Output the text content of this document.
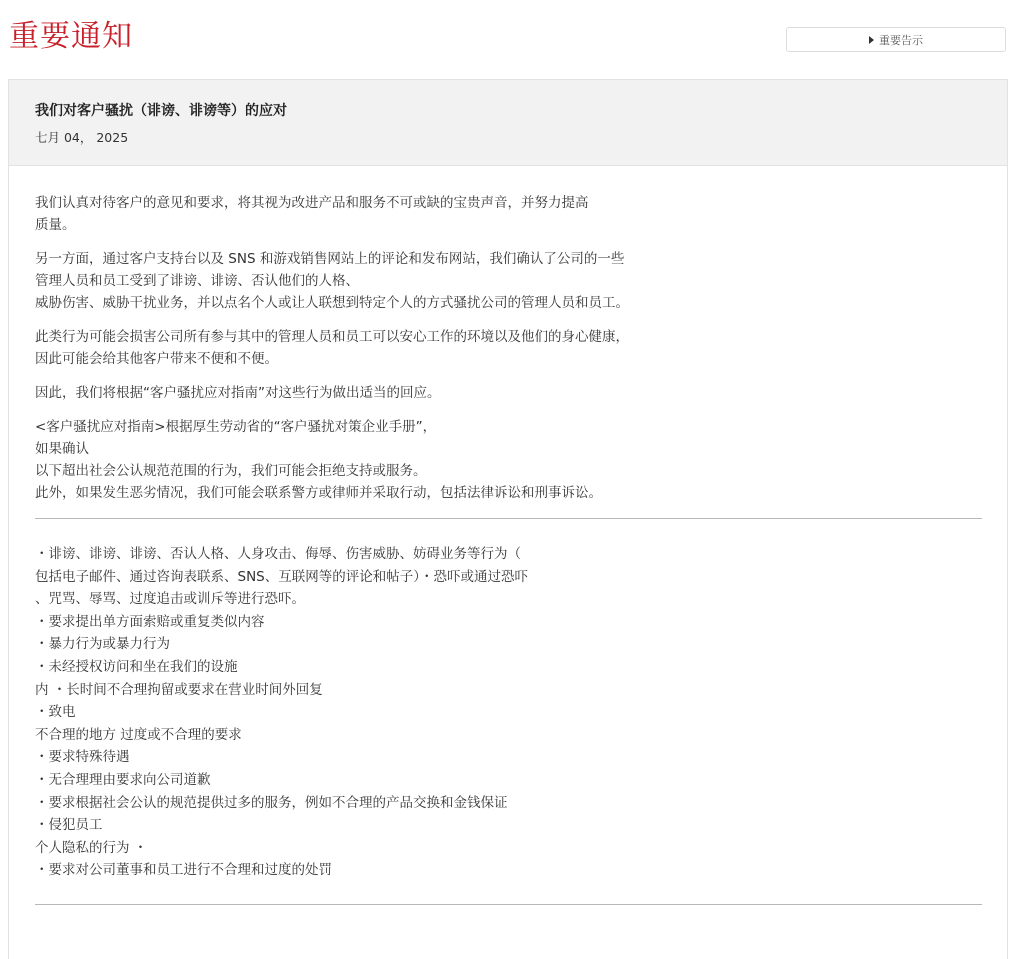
重要通知	重要告示
我们对客户骚扰（诽谤、诽谤等）的应对
七月 04， 2025
我们认真对待客户的意见和要求，将其视为改进产品和服务不可或缺的宝贵声音，并努力提高
质量。
另一方面，通过客户支持台以及 SNS 和游戏销售网站上的评论和发布网站，我们确认了公司的一些
管理人员和员工受到了诽谤、诽谤、否认他们的人格、
威胁伤害、威胁干扰业务，并以点名个人或让人联想到特定个人的方式骚扰公司的管理人员和员工。
此类行为可能会损害公司所有参与其中的管理人员和员工可以安心工作的环境以及他们的身心健康，
因此可能会给其他客户带来不便和不便。
因此，我们将根据“客户骚扰应对指南”对这些行为做出适当的回应。
<客户骚扰应对指南>根据厚生劳动省的“客户骚扰对策企业手册”，
如果确认
以下超出社会公认规范范围的行为，我们可能会拒绝支持或服务。
此外，如果发生恶劣情况，我们可能会联系警方或律师并采取行动，包括法律诉讼和刑事诉讼。
・诽谤、诽谤、诽谤、否认人格、人身攻击、侮辱、伤害威胁、妨碍业务等行为（
包括电子邮件、通过咨询表联系、SNS、互联网等的评论和帖子）・恐吓或通过恐吓
、咒骂、辱骂、过度追击或训斥等进行恐吓。
・要求提出单方面索赔或重复类似内容
・暴力行为或暴力行为
・未经授权访问和坐在我们的设施
内 ・长时间不合理拘留或要求在营业时间外回复
・致电
不合理的地方 过度或不合理的要求
・要求特殊待遇
・无合理理由要求向公司道歉
・要求根据社会公认的规范提供过多的服务，例如不合理的产品交换和金钱保证
・侵犯员工
个人隐私的行为 ・
・要求对公司董事和员工进行不合理和过度的处罚
